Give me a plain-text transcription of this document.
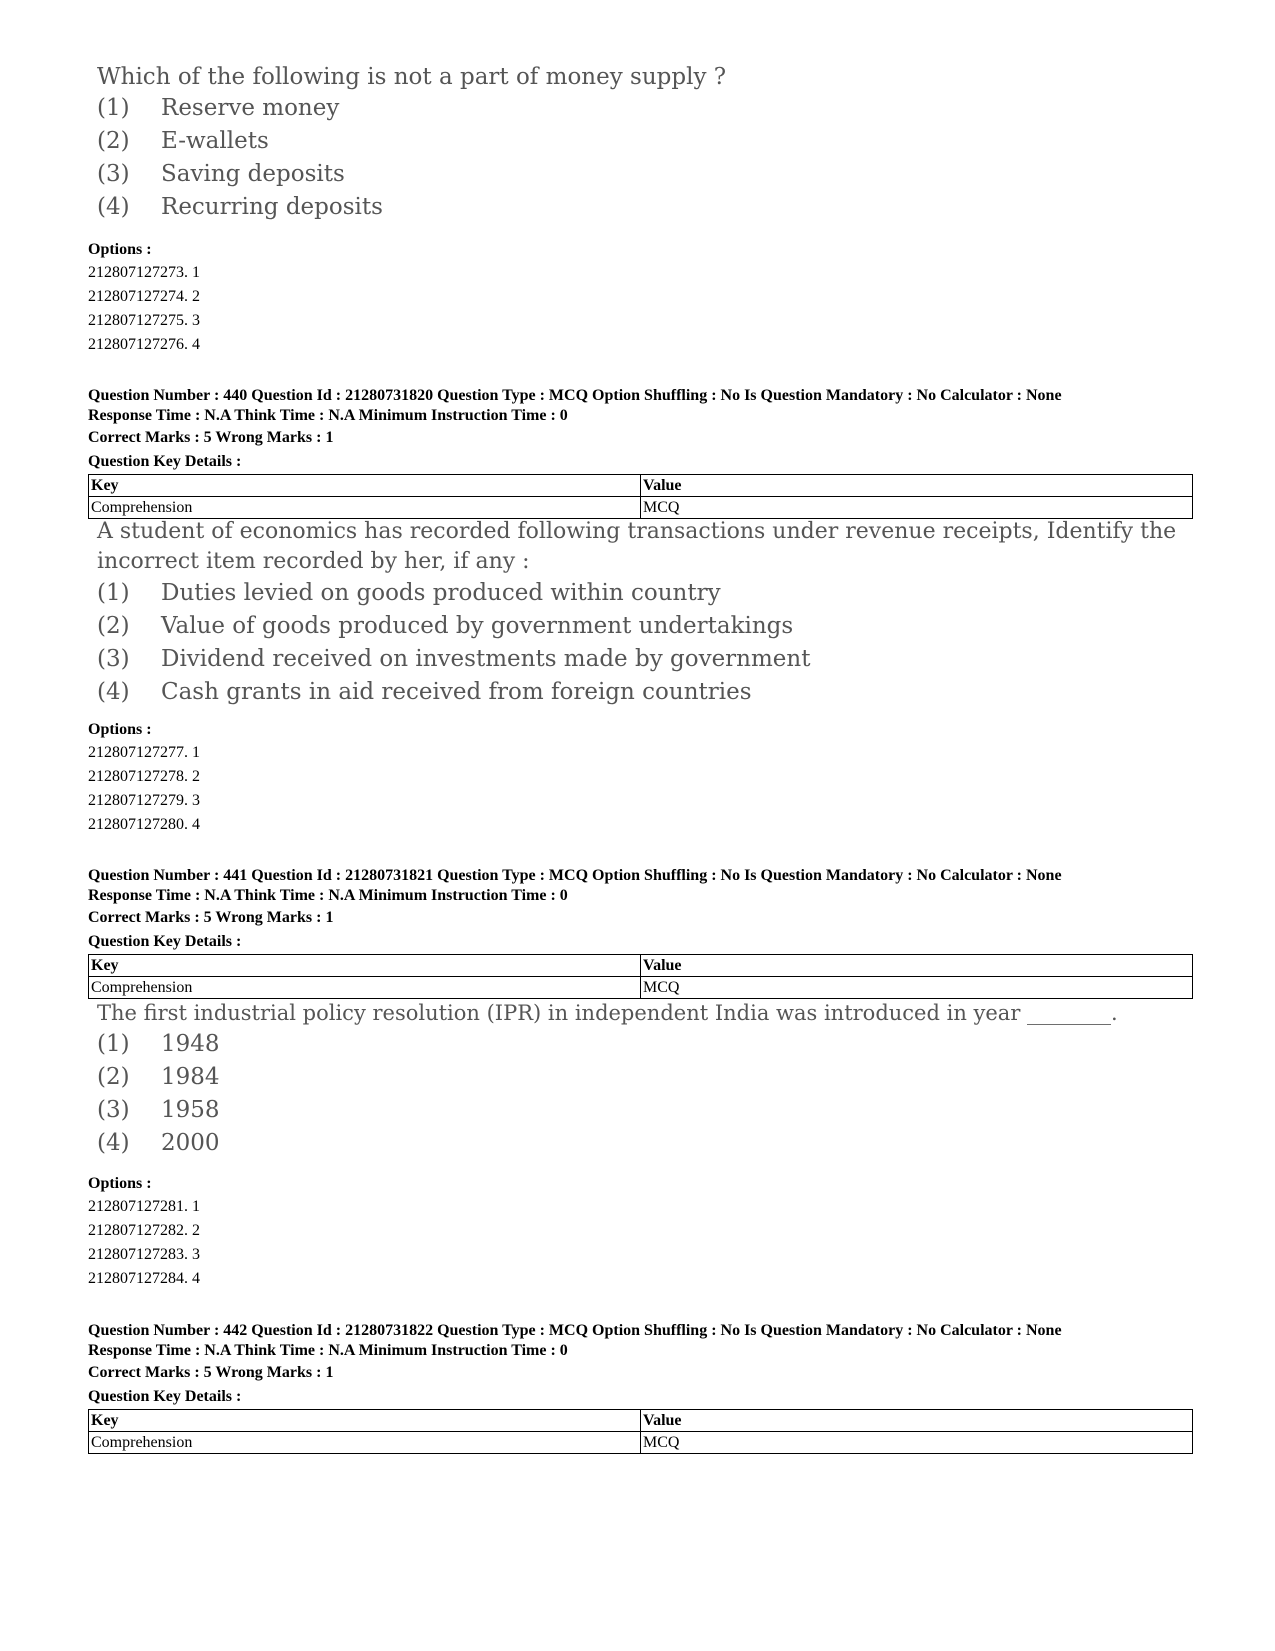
Which of the following is not a part of money supply ?
(1) Reserve money
(2) E-wallets
(3) Saving deposits
(4) Recurring deposits
Options :
212807127273. 1
212807127274. 2
212807127275. 3
212807127276. 4
Question Number : 440 Question Id : 21280731820 Question Type : MCQ Option Shuffling : No Is Question Mandatory : No Calculator : None
Response Time : N.A Think Time : N.A Minimum Instruction Time : 0
Correct Marks : 5 Wrong Marks : 1
Question Key Details :
Key	Value
Comprehension	MCQ
A student of economics has recorded following transactions under revenue receipts, Identify the
incorrect item recorded by her, if any :
(1) Duties levied on goods produced within country
(2) Value of goods produced by government undertakings
(3) Dividend received on investments made by government
(4) Cash grants in aid received from foreign countries
Options :
212807127277. 1
212807127278. 2
212807127279. 3
212807127280. 4
Question Number : 441 Question Id : 21280731821 Question Type : MCQ Option Shuffling : No Is Question Mandatory : No Calculator : None
Response Time : N.A Think Time : N.A Minimum Instruction Time : 0
Correct Marks : 5 Wrong Marks : 1
Question Key Details :
Key	Value
Comprehension	MCQ
The first industrial policy resolution (IPR) in independent India was introduced in year ________.
(1) 1948
(2) 1984
(3) 1958
(4) 2000
Options :
212807127281. 1
212807127282. 2
212807127283. 3
212807127284. 4
Question Number : 442 Question Id : 21280731822 Question Type : MCQ Option Shuffling : No Is Question Mandatory : No Calculator : None
Response Time : N.A Think Time : N.A Minimum Instruction Time : 0
Correct Marks : 5 Wrong Marks : 1
Question Key Details :
Key	Value
Comprehension	MCQ
